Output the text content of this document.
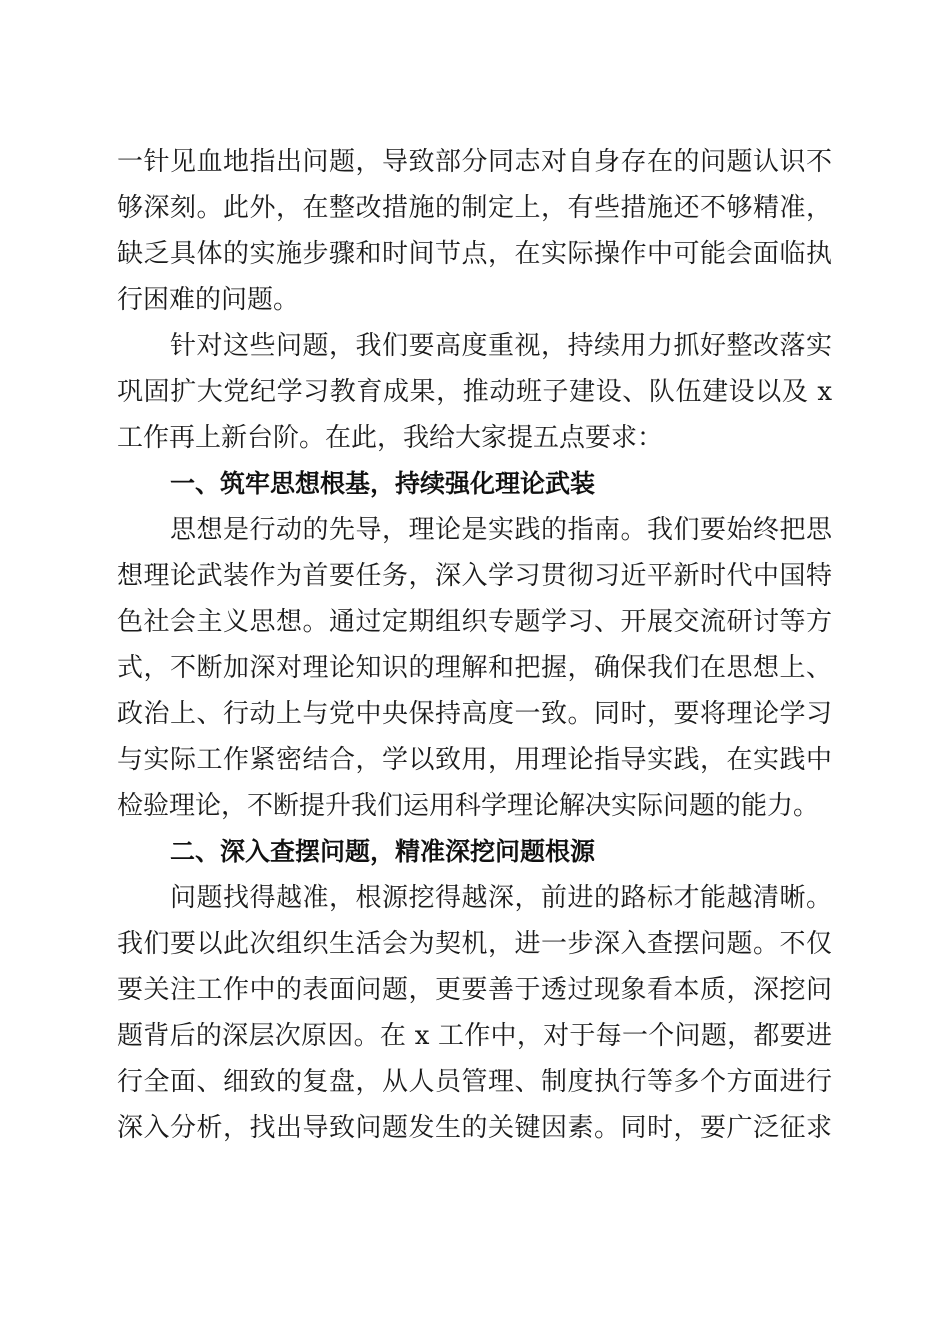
一针见血地指出问题，导致部分同志对自身存在的问题认识不
够深刻。此外，在整改措施的制定上，有些措施还不够精准，
缺乏具体的实施步骤和时间节点，在实际操作中可能会面临执
行困难的问题。
针对这些问题，我们要高度重视，持续用力抓好整改落实
巩固扩大党纪学习教育成果，推动班子建设、队伍建设以及 x
工作再上新台阶。在此，我给大家提五点要求：
一、筑牢思想根基，持续强化理论武装
思想是行动的先导，理论是实践的指南。我们要始终把思
想理论武装作为首要任务，深入学习贯彻习近平新时代中国特
色社会主义思想。通过定期组织专题学习、开展交流研讨等方
式，不断加深对理论知识的理解和把握，确保我们在思想上、
政治上、行动上与党中央保持高度一致。同时，要将理论学习
与实际工作紧密结合，学以致用，用理论指导实践，在实践中
检验理论，不断提升我们运用科学理论解决实际问题的能力。
二、深入查摆问题，精准深挖问题根源
问题找得越准，根源挖得越深，前进的路标才能越清晰。
我们要以此次组织生活会为契机，进一步深入查摆问题。不仅
要关注工作中的表面问题，更要善于透过现象看本质，深挖问
题背后的深层次原因。在 x 工作中，对于每一个问题，都要进
行全面、细致的复盘，从人员管理、制度执行等多个方面进行
深入分析，找出导致问题发生的关键因素。同时，要广泛征求
